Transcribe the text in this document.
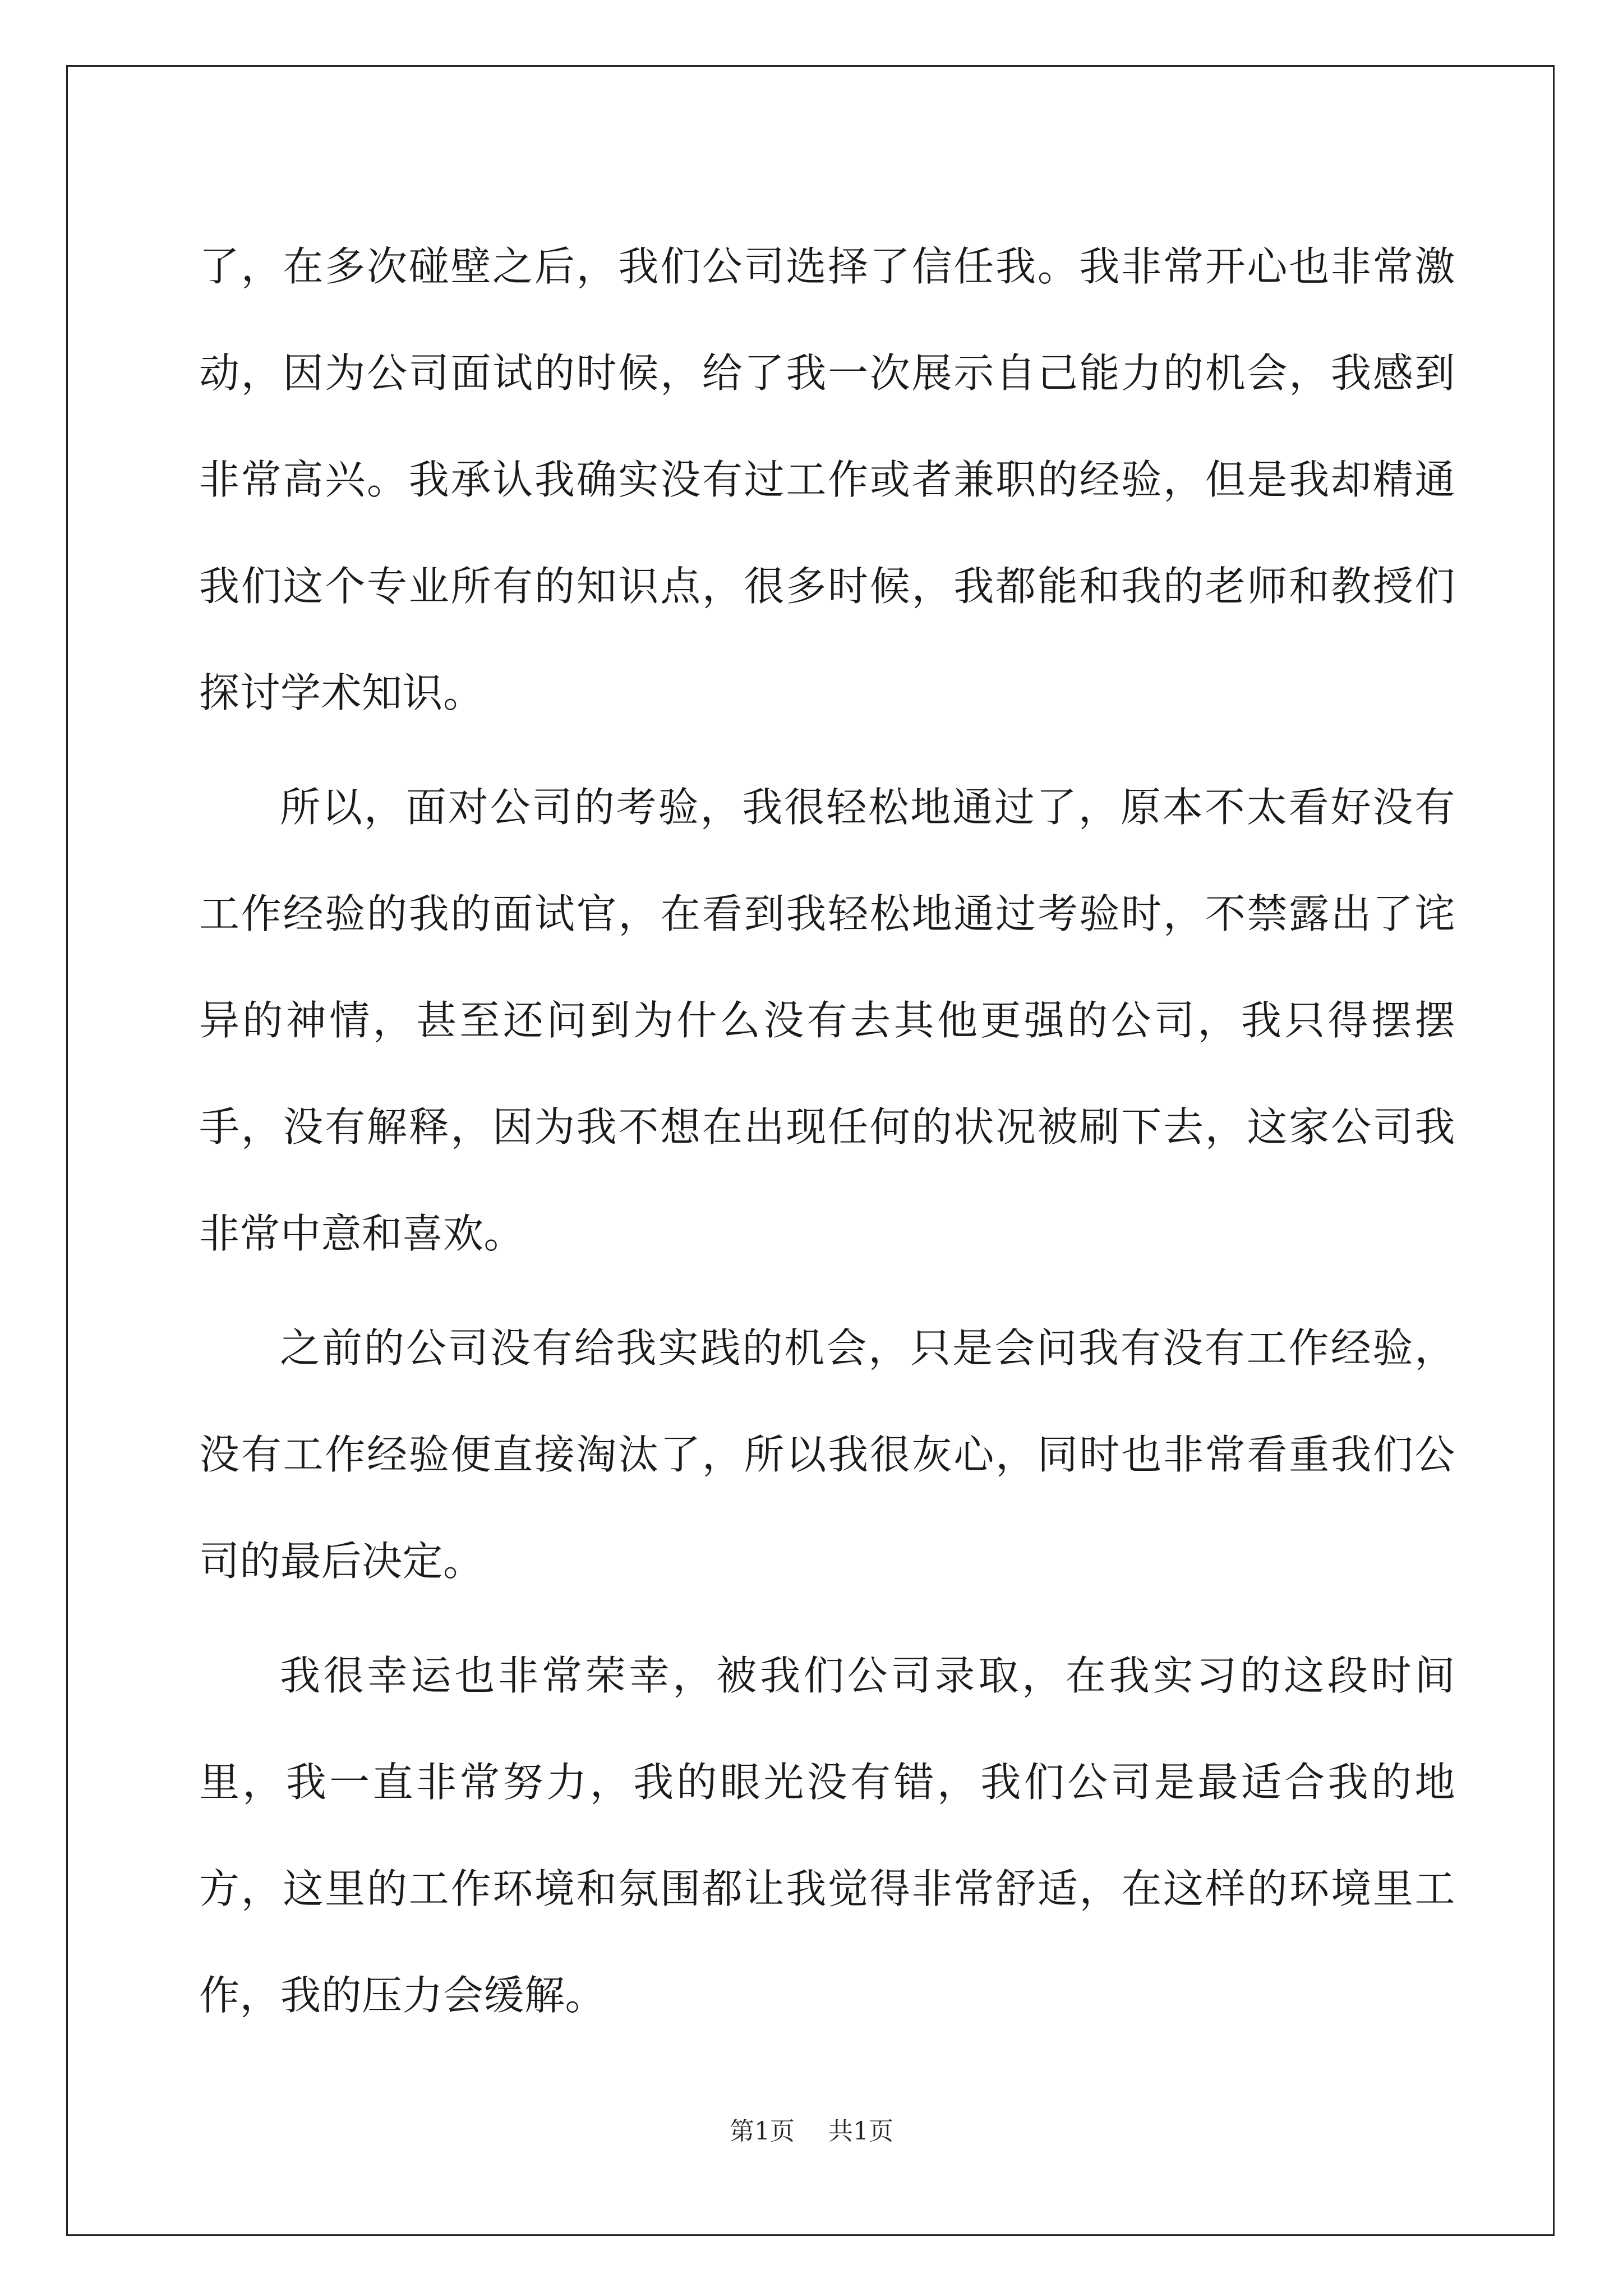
了，在多次碰壁之后，我们公司选择了信任我。我非常开心也非常激动，因为公司面试的时候，给了我一次展示自己能力的机会，我感到非常高兴。我承认我确实没有过工作或者兼职的经验，但是我却精通我们这个专业所有的知识点，很多时候，我都能和我的老师和教授们探讨学术知识。

所以，面对公司的考验，我很轻松地通过了，原本不太看好没有工作经验的我的面试官，在看到我轻松地通过考验时，不禁露出了诧异的神情，甚至还问到为什么没有去其他更强的公司，我只得摆摆手，没有解释，因为我不想在出现任何的状况被刷下去，这家公司我非常中意和喜欢。

之前的公司没有给我实践的机会，只是会问我有没有工作经验，没有工作经验便直接淘汰了，所以我很灰心，同时也非常看重我们公司的最后决定。

我很幸运也非常荣幸，被我们公司录取，在我实习的这段时间里，我一直非常努力，我的眼光没有错，我们公司是最适合我的地方，这里的工作环境和氛围都让我觉得非常舒适，在这样的环境里工作，我的压力会缓解。

第1页 共1页
